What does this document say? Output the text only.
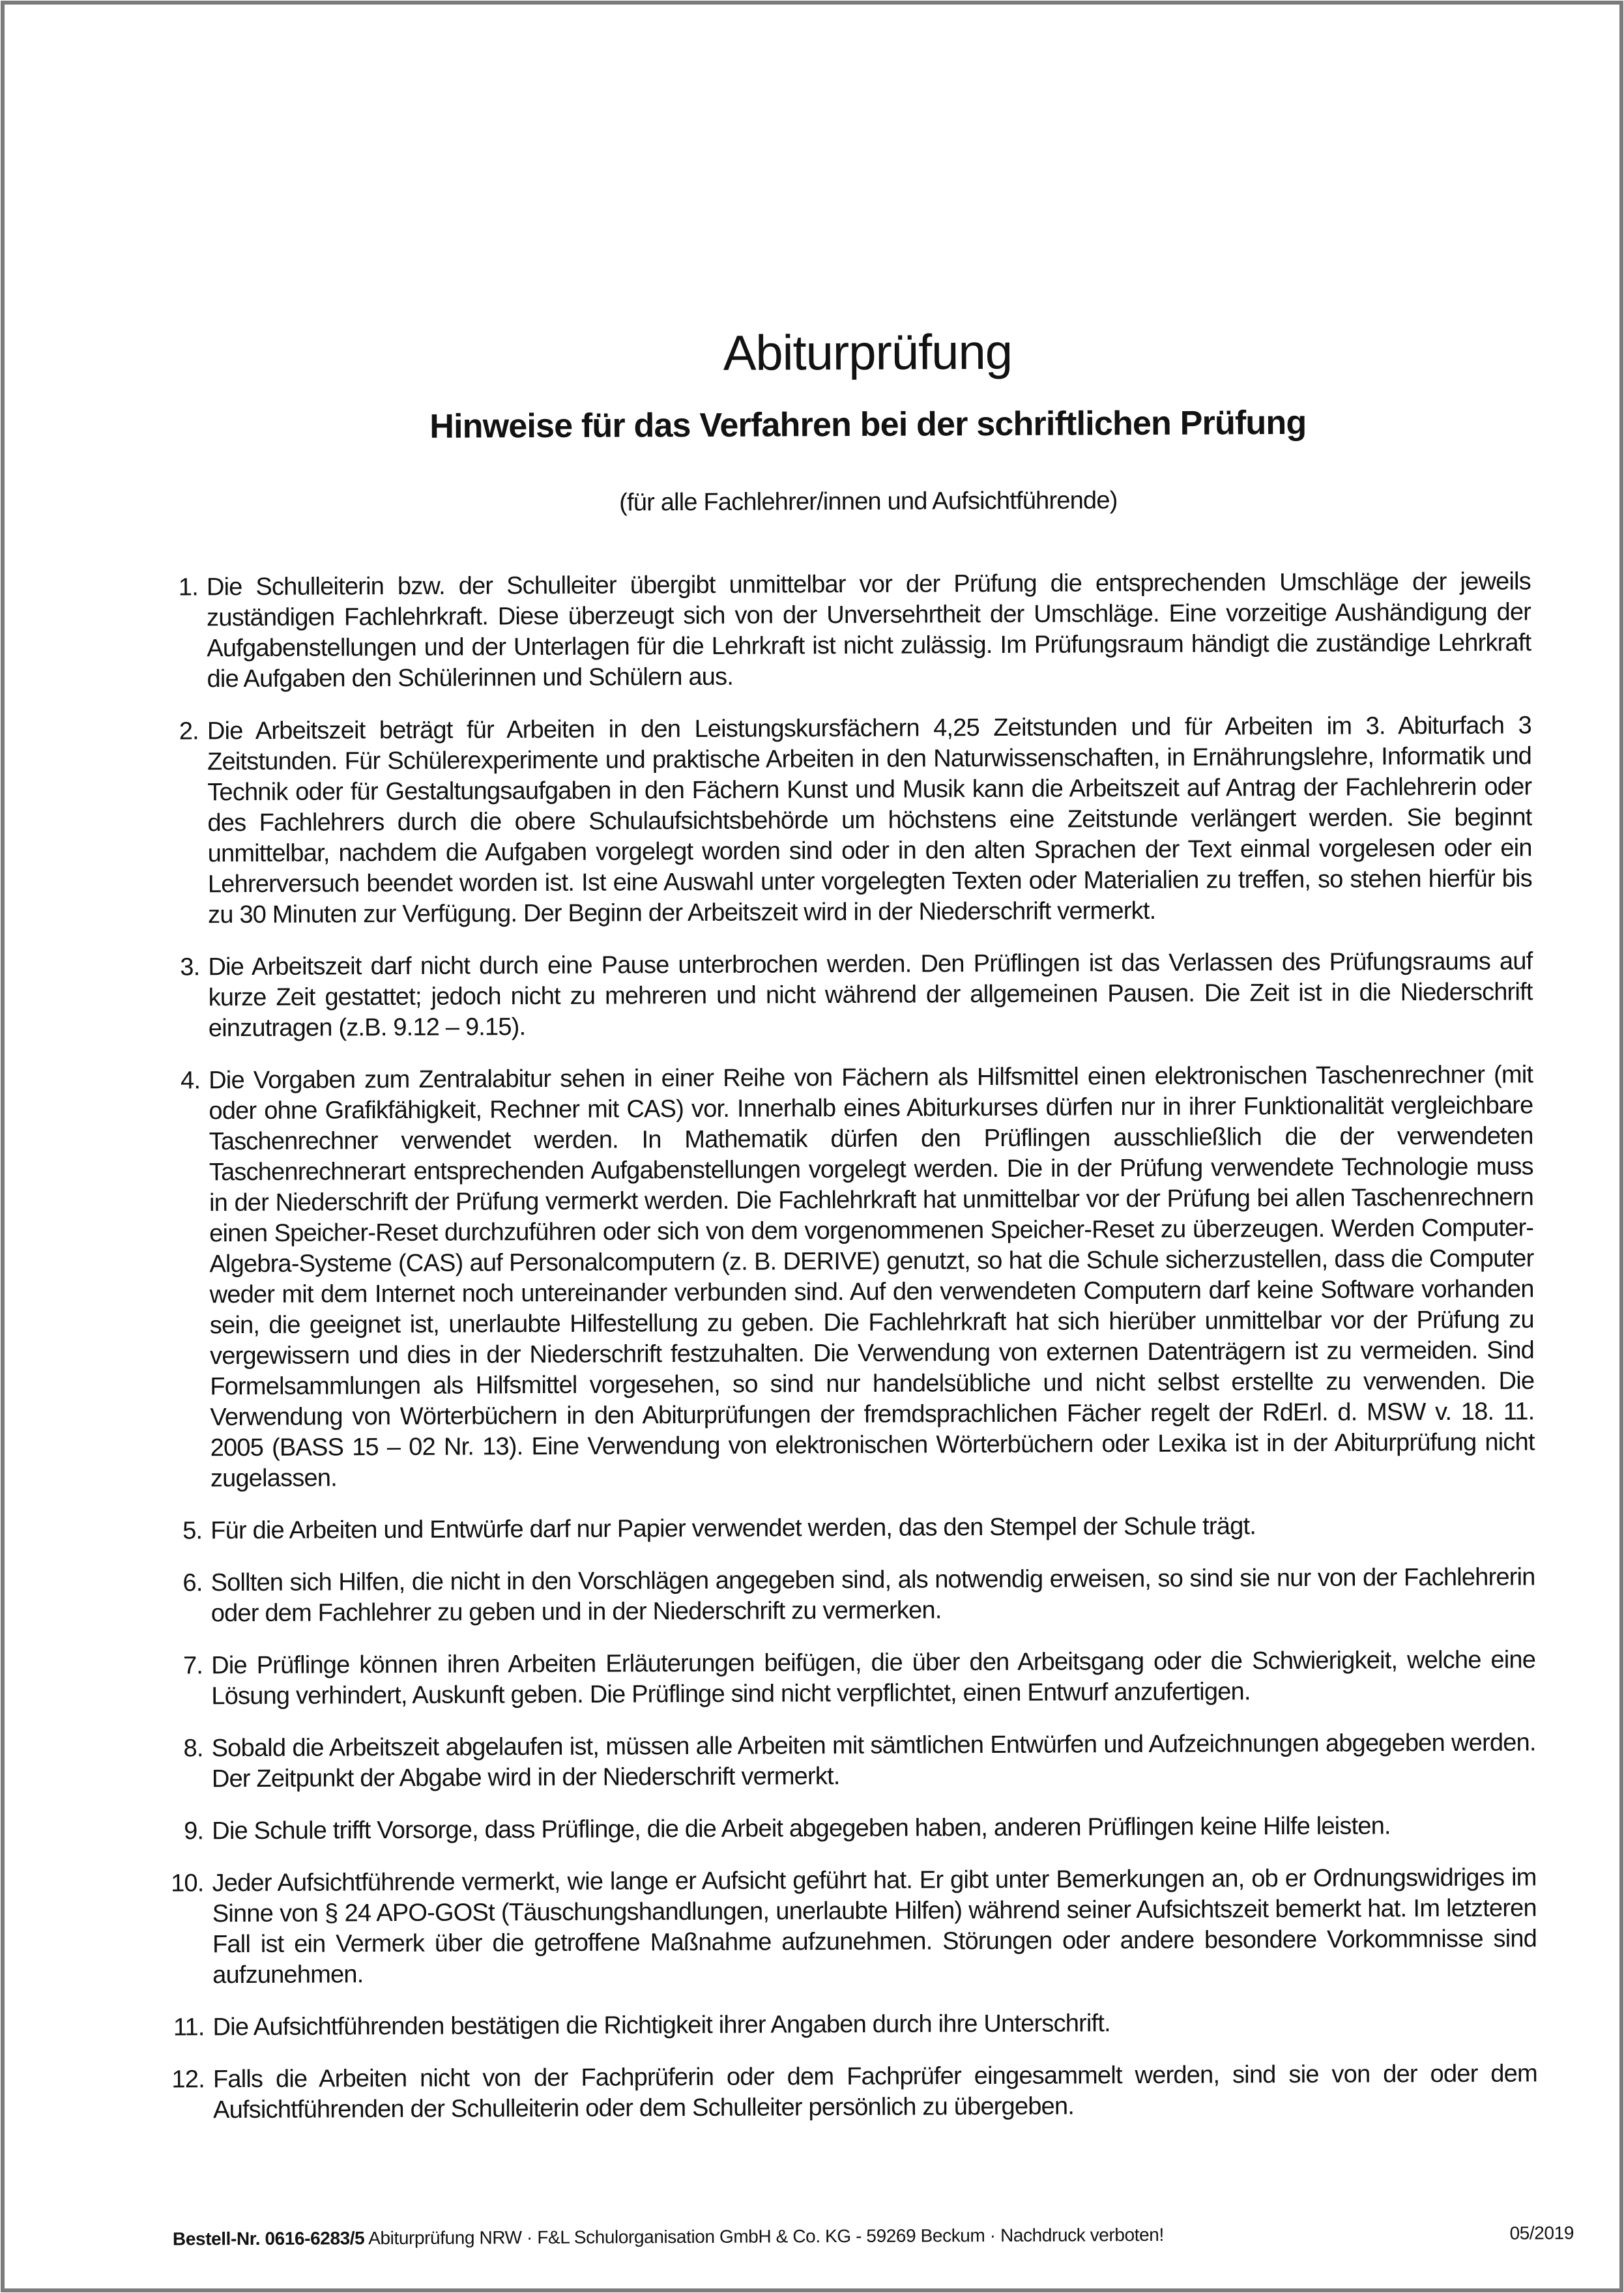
Abiturprüfung
Hinweise für das Verfahren bei der schriftlichen Prüfung
(für alle Fachlehrer/innen und Aufsichtführende)
1. Die Schulleiterin bzw. der Schulleiter übergibt unmittelbar vor der Prüfung die entsprechenden Umschläge der jeweils zuständigen Fachlehrkraft. Diese überzeugt sich von der Unversehrtheit der Umschläge. Eine vorzeitige Aushändigung der Aufgabenstellungen und der Unterlagen für die Lehrkraft ist nicht zulässig. Im Prüfungsraum händigt die zuständige Lehrkraft die Aufgaben den Schülerinnen und Schülern aus.
2. Die Arbeitszeit beträgt für Arbeiten in den Leistungskursfächern 4,25 Zeitstunden und für Arbeiten im 3. Abiturfach 3 Zeitstunden. Für Schülerexperimente und praktische Arbeiten in den Naturwissenschaften, in Ernährungslehre, Informatik und Technik oder für Gestaltungsaufgaben in den Fächern Kunst und Musik kann die Arbeitszeit auf Antrag der Fachlehrerin oder des Fachlehrers durch die obere Schulaufsichtsbehörde um höchstens eine Zeitstunde verlängert werden. Sie beginnt unmittelbar, nachdem die Aufgaben vorgelegt worden sind oder in den alten Sprachen der Text einmal vorgelesen oder ein Lehrerversuch beendet worden ist. Ist eine Auswahl unter vorgelegten Texten oder Materialien zu treffen, so stehen hierfür bis zu 30 Minuten zur Verfügung. Der Beginn der Arbeitszeit wird in der Niederschrift vermerkt.
3. Die Arbeitszeit darf nicht durch eine Pause unterbrochen werden. Den Prüflingen ist das Verlassen des Prüfungsraums auf kurze Zeit gestattet; jedoch nicht zu mehreren und nicht während der allgemeinen Pausen. Die Zeit ist in die Niederschrift einzutragen (z.B. 9.12 – 9.15).
4. Die Vorgaben zum Zentralabitur sehen in einer Reihe von Fächern als Hilfsmittel einen elektronischen Taschenrechner (mit oder ohne Grafikfähigkeit, Rechner mit CAS) vor. Innerhalb eines Abiturkurses dürfen nur in ihrer Funktionalität vergleichbare Taschenrechner verwendet werden. In Mathematik dürfen den Prüflingen ausschließlich die der verwendeten Taschenrechnerart entsprechenden Aufgabenstellungen vorgelegt werden. Die in der Prüfung verwendete Technologie muss in der Niederschrift der Prüfung vermerkt werden. Die Fachlehrkraft hat unmittelbar vor der Prüfung bei allen Taschenrechnern einen Speicher-Reset durchzuführen oder sich von dem vorgenommenen Speicher-Reset zu überzeugen. Werden Computer-Algebra-Systeme (CAS) auf Personalcomputern (z. B. DERIVE) genutzt, so hat die Schule sicherzustellen, dass die Computer weder mit dem Internet noch untereinander verbunden sind. Auf den verwendeten Computern darf keine Software vorhanden sein, die geeignet ist, unerlaubte Hilfestellung zu geben. Die Fachlehrkraft hat sich hierüber unmittelbar vor der Prüfung zu vergewissern und dies in der Niederschrift festzuhalten. Die Verwendung von externen Datenträgern ist zu vermeiden. Sind Formelsammlungen als Hilfsmittel vorgesehen, so sind nur handelsübliche und nicht selbst erstellte zu verwenden. Die Verwendung von Wörterbüchern in den Abiturprüfungen der fremdsprachlichen Fächer regelt der RdErl. d. MSW v. 18. 11. 2005 (BASS 15 – 02 Nr. 13). Eine Verwendung von elektronischen Wörterbüchern oder Lexika ist in der Abiturprüfung nicht zugelassen.
5. Für die Arbeiten und Entwürfe darf nur Papier verwendet werden, das den Stempel der Schule trägt.
6. Sollten sich Hilfen, die nicht in den Vorschlägen angegeben sind, als notwendig erweisen, so sind sie nur von der Fachlehrerin oder dem Fachlehrer zu geben und in der Niederschrift zu vermerken.
7. Die Prüflinge können ihren Arbeiten Erläuterungen beifügen, die über den Arbeitsgang oder die Schwierigkeit, welche eine Lösung verhindert, Auskunft geben. Die Prüflinge sind nicht verpflichtet, einen Entwurf anzufertigen.
8. Sobald die Arbeitszeit abgelaufen ist, müssen alle Arbeiten mit sämtlichen Entwürfen und Aufzeichnungen abgegeben werden. Der Zeitpunkt der Abgabe wird in der Niederschrift vermerkt.
9. Die Schule trifft Vorsorge, dass Prüflinge, die die Arbeit abgegeben haben, anderen Prüflingen keine Hilfe leisten.
10. Jeder Aufsichtführende vermerkt, wie lange er Aufsicht geführt hat. Er gibt unter Bemerkungen an, ob er Ordnungswidriges im Sinne von § 24 APO-GOSt (Täuschungshandlungen, unerlaubte Hilfen) während seiner Aufsichtszeit bemerkt hat. Im letzteren Fall ist ein Vermerk über die getroffene Maßnahme aufzunehmen. Störungen oder andere besondere Vorkommnisse sind aufzunehmen.
11. Die Aufsichtführenden bestätigen die Richtigkeit ihrer Angaben durch ihre Unterschrift.
12. Falls die Arbeiten nicht von der Fachprüferin oder dem Fachprüfer eingesammelt werden, sind sie von der oder dem Aufsichtführenden der Schulleiterin oder dem Schulleiter persönlich zu übergeben.
Bestell-Nr. 0616-6283/5 Abiturprüfung NRW · F&L Schulorganisation GmbH & Co. KG - 59269 Beckum · Nachdruck verboten!	05/2019
